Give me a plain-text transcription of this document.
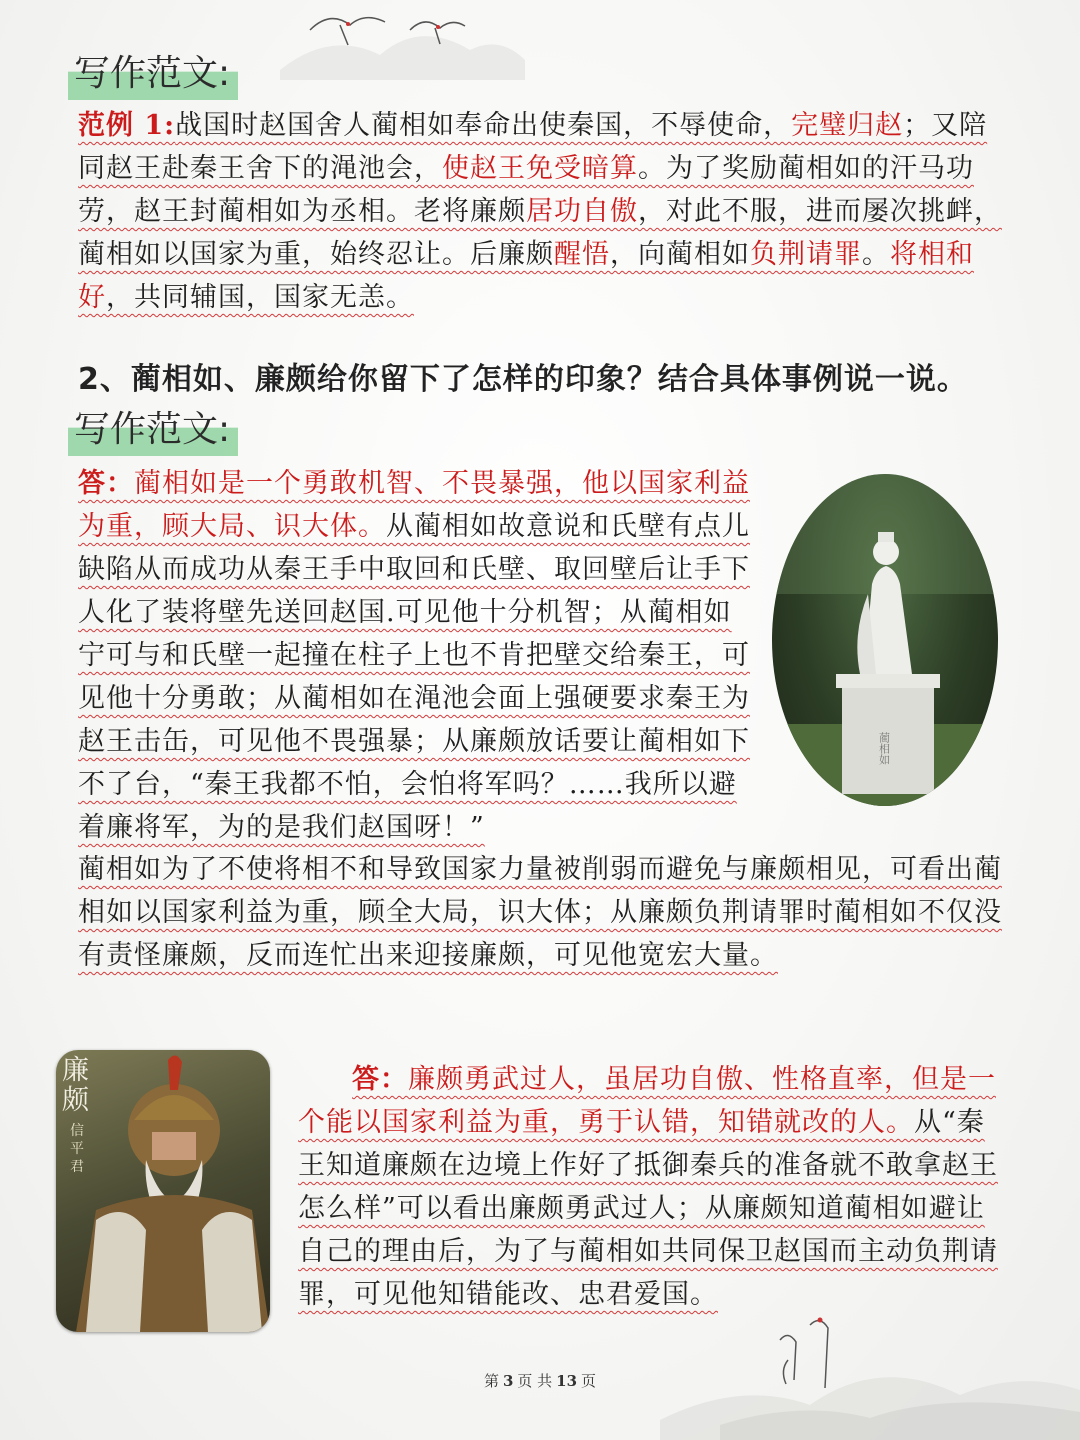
写作范文:
范例 1:战国时赵国舍人蔺相如奉命出使秦国，不辱使命，完璧归赵；又陪同赵王赴秦王舍下的渑池会，使赵王免受暗算。为了奖励蔺相如的汗马功劳，赵王封蔺相如为丞相。老将廉颇居功自傲，对此不服，进而屡次挑衅，蔺相如以国家为重，始终忍让。后廉颇醒悟，向蔺相如负荆请罪。将相和好，共同辅国，国家无恙。
2、蔺相如、廉颇给你留下了怎样的印象？结合具体事例说一说。
写作范文:
答：蔺相如是一个勇敢机智、不畏暴强，他以国家利益为重，顾大局、识大体。从蔺相如故意说和氏壁有点儿缺陷从而成功从秦王手中取回和氏壁、取回壁后让手下人化了装将壁先送回赵国.可见他十分机智；从蔺相如宁可与和氏壁一起撞在柱子上也不肯把壁交给秦王，可见他十分勇敢；从蔺相如在渑池会面上强硬要求秦王为赵王击缶，可见他不畏强暴；从廉颇放话要让蔺相如下不了台，“秦王我都不怕，会怕将军吗？……我所以避着廉将军，为的是我们赵国呀！”
蔺相如为了不使将相不和导致国家力量被削弱而避免与廉颇相见，可看出蔺相如以国家利益为重，顾全大局，识大体；从廉颇负荆请罪时蔺相如不仅没有责怪廉颇，反而连忙出来迎接廉颇，可见他宽宏大量。
蔺相如
廉颇
信平君
答：廉颇勇武过人，虽居功自傲、性格直率，但是一个能以国家利益为重，勇于认错，知错就改的人。从“秦王知道廉颇在边境上作好了抵御秦兵的准备就不敢拿赵王怎么样”可以看出廉颇勇武过人；从廉颇知道蔺相如避让自己的理由后，为了与蔺相如共同保卫赵国而主动负荆请罪，可见他知错能改、忠君爱国。
第 3 页 共 13 页
